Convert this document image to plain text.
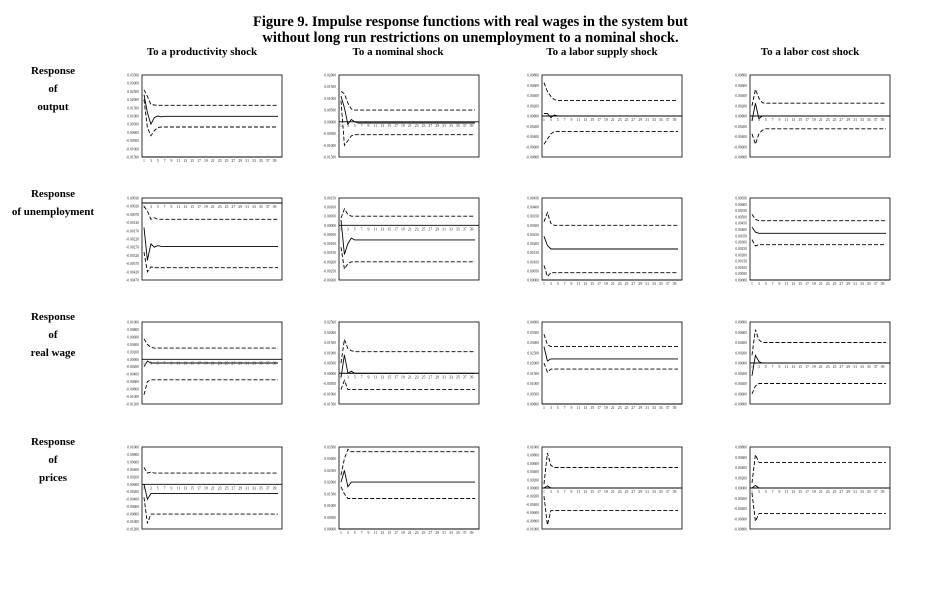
Figure 9. Impulse response functions with real wages in the system but
without long run restrictions on unemployment to a nominal shock.
To a productivity shock	To a nominal shock	To a labor supply shock	To a labor cost shock
Response
of
output
Response
of unemployment
Response
of
real wage
Response
of
prices
0.03500
0.03000
0.02500
0.02000
0.01500
0.01000
0.00500
0.00000
-0.00500
-0.01000
-0.01500
1 3 5 7 9 11 13 15 17 19 21 23 25 27 29 31 33 35 37 39
0.02000
0.01500
0.01000
0.00500
0.00000
-0.00500
-0.01000
-0.01500
1 3 5 7 9 11 13 15 17 19 21 23 25 27 29 31 33 35 37 39
0.00800
0.00600
0.00400
0.00200
0.00000
-0.00200
-0.00400
-0.00600
-0.00800
1 3 5 7 9 11 13 15 17 19 21 23 25 27 29 31 33 35 37 39
0.00800
0.00600
0.00400
0.00200
0.00000
-0.00200
-0.00400
-0.00600
-0.00800
1 3 5 7 9 11 13 15 17 19 21 23 25 27 29 31 33 35 37 39
0.00030
-0.00020
-0.00070
-0.00120
-0.00170
-0.00220
-0.00270
-0.00320
-0.00370
-0.00420
-0.00470
1 3 5 7 9 11 13 15 17 19 21 23 25 27 29 31 33 35 37 39
0.00150
0.00100
0.00050
0.00000
-0.00050
-0.00100
-0.00150
-0.00200
-0.00250
-0.00300
1 3 5 7 9 11 13 15 17 19 21 23 25 27 29 31 33 35 37 39
0.00450
0.00400
0.00350
0.00300
0.00250
0.00200
0.00150
0.00100
0.00050
0.00000
1 3 5 7 9 11 13 15 17 19 21 23 25 27 29 31 33 35 37 39
0.00650
0.00600
0.00550
0.00500
0.00450
0.00400
0.00350
0.00300
0.00250
0.00200
0.00150
0.00100
0.00050
0.00000
1 3 5 7 9 11 13 15 17 19 21 23 25 27 29 31 33 35 37 39
0.01000
0.00800
0.00600
0.00400
0.00200
0.00000
-0.00200
-0.00400
-0.00600
-0.00800
-0.01000
-0.01200
1 3 5 7 9 11 13 15 17 19 21 23 25 27 29 31 33 35 37 39
0.02500
0.02000
0.01500
0.01000
0.00500
0.00000
-0.00500
-0.01000
-0.01500
1 3 5 7 9 11 13 15 17 19 21 23 25 27 29 31 33 35 37 39
0.04000
0.03500
0.03000
0.02500
0.02000
0.01500
0.01000
0.00500
0.00000
1 3 5 7 9 11 13 15 17 19 21 23 25 27 29 31 33 35 37 39
0.00800
0.00600
0.00400
0.00200
0.00000
-0.00200
-0.00400
-0.00600
-0.00800
1 3 5 7 9 11 13 15 17 19 21 23 25 27 29 31 33 35 37 39
0.01000
0.00800
0.00600
0.00400
0.00200
0.00000
-0.00200
-0.00400
-0.00600
-0.00800
-0.01000
-0.01200
1 3 5 7 9 11 13 15 17 19 21 23 25 27 29 31 33 35 37 39
0.03500
0.03000
0.02500
0.02000
0.01500
0.01000
0.00500
0.00000
1 3 5 7 9 11 13 15 17 19 21 23 25 27 29 31 33 35 37 39
0.01000
0.00800
0.00600
0.00400
0.00200
0.00000
-0.00200
-0.00400
-0.00600
-0.00800
-0.01000
1 3 5 7 9 11 13 15 17 19 21 23 25 27 29 31 33 35 37 39
0.00800
0.00600
0.00400
0.00200
0.00000
-0.00200
-0.00400
-0.00600
-0.00800
1 3 5 7 9 11 13 15 17 19 21 23 25 27 29 31 33 35 37 39
